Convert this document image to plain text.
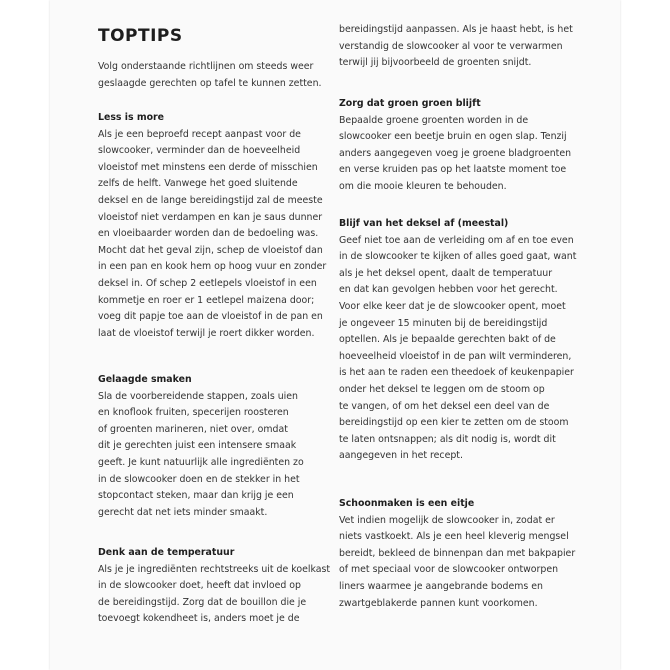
TOPTIPS
Volg onderstaande richtlijnen om steeds weer
geslaagde gerechten op tafel te kunnen zetten.
Less is more
Als je een beproefd recept aanpast voor de
slowcooker, verminder dan de hoeveelheid
vloeistof met minstens een derde of misschien
zelfs de helft. Vanwege het goed sluitende
deksel en de lange bereidingstijd zal de meeste
vloeistof niet verdampen en kan je saus dunner
en vloeibaarder worden dan de bedoeling was.
Mocht dat het geval zijn, schep de vloeistof dan
in een pan en kook hem op hoog vuur en zonder
deksel in. Of schep 2 eetlepels vloeistof in een
kommetje en roer er 1 eetlepel maizena door;
voeg dit papje toe aan de vloeistof in de pan en
laat de vloeistof terwijl je roert dikker worden.
Gelaagde smaken
Sla de voorbereidende stappen, zoals uien
en knoflook fruiten, specerijen roosteren
of groenten marineren, niet over, omdat
dit je gerechten juist een intensere smaak
geeft. Je kunt natuurlijk alle ingrediënten zo
in de slowcooker doen en de stekker in het
stopcontact steken, maar dan krijg je een
gerecht dat net iets minder smaakt.
Denk aan de temperatuur
Als je je ingrediënten rechtstreeks uit de koelkast
in de slowcooker doet, heeft dat invloed op
de bereidingstijd. Zorg dat de bouillon die je
toevoegt kokendheet is, anders moet je de
bereidingstijd aanpassen. Als je haast hebt, is het
verstandig de slowcooker al voor te verwarmen
terwijl jij bijvoorbeeld de groenten snijdt.
Zorg dat groen groen blijft
Bepaalde groene groenten worden in de
slowcooker een beetje bruin en ogen slap. Tenzij
anders aangegeven voeg je groene bladgroenten
en verse kruiden pas op het laatste moment toe
om die mooie kleuren te behouden.
Blijf van het deksel af (meestal)
Geef niet toe aan de verleiding om af en toe even
in de slowcooker te kijken of alles goed gaat, want
als je het deksel opent, daalt de temperatuur
en dat kan gevolgen hebben voor het gerecht.
Voor elke keer dat je de slowcooker opent, moet
je ongeveer 15 minuten bij de bereidingstijd
optellen. Als je bepaalde gerechten bakt of de
hoeveelheid vloeistof in de pan wilt verminderen,
is het aan te raden een theedoek of keukenpapier
onder het deksel te leggen om de stoom op
te vangen, of om het deksel een deel van de
bereidingstijd op een kier te zetten om de stoom
te laten ontsnappen; als dit nodig is, wordt dit
aangegeven in het recept.
Schoonmaken is een eitje
Vet indien mogelijk de slowcooker in, zodat er
niets vastkoekt. Als je een heel kleverig mengsel
bereidt, bekleed de binnenpan dan met bakpapier
of met speciaal voor de slowcooker ontworpen
liners waarmee je aangebrande bodems en
zwartgeblakerde pannen kunt voorkomen.
